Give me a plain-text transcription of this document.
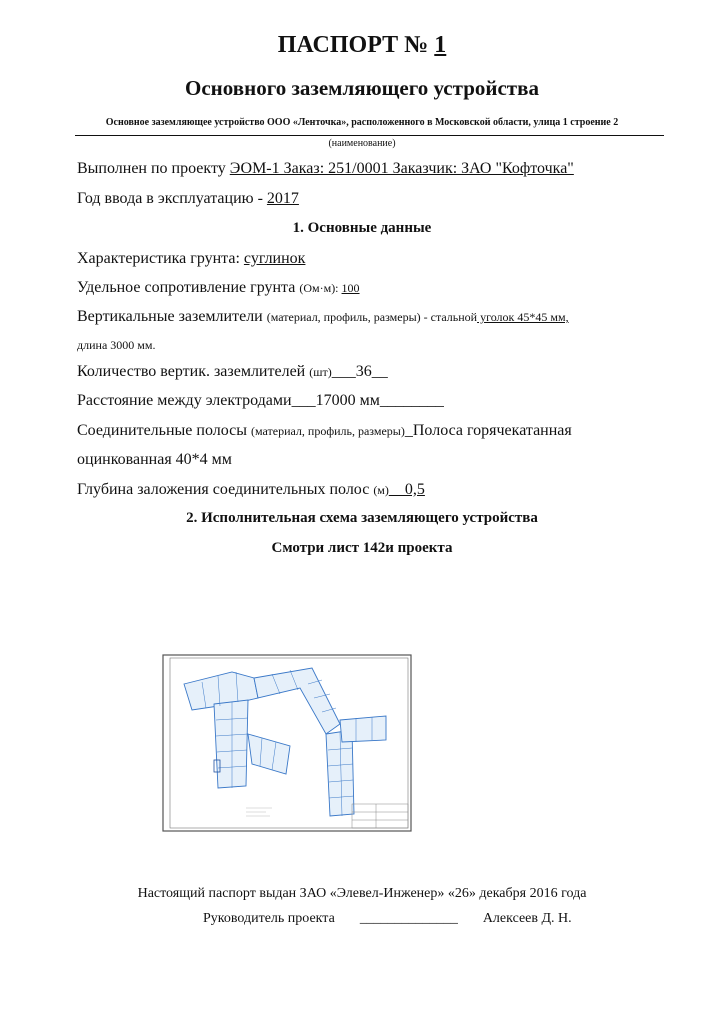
ПАСПОРТ № 1
Основного заземляющего устройства
Основное заземляющее устройство ООО «Ленточка», расположенного в Московской области, улица 1 строение 2
(наименование)
Выполнен по проекту ЭОМ-1 Заказ: 251/0001 Заказчик: ЗАО "Кофточка"
Год ввода в эксплуатацию - 2017
1. Основные данные
Характеристика грунта: суглинок
Удельное сопротивление грунта (Ом·м): 100
Вертикальные заземлители (материал, профиль, размеры) - стальной уголок 45*45 мм,
длина 3000 мм.
Количество вертик. заземлителей (шт)___36__
Расстояние между электродами___17000 мм________
Соединительные полосы (материал, профиль, размеры)_Полоса горячекатанная
оцинкованная 40*4 мм
Глубина заложения соединительных полос (м)__0,5
2. Исполнительная схема заземляющего устройства
Смотри лист 142и проекта
Настоящий паспорт выдан ЗАО «Элевел-Инженер» «26» декабря 2016 года
Руководитель проекта ______________ Алексеев Д. Н.
